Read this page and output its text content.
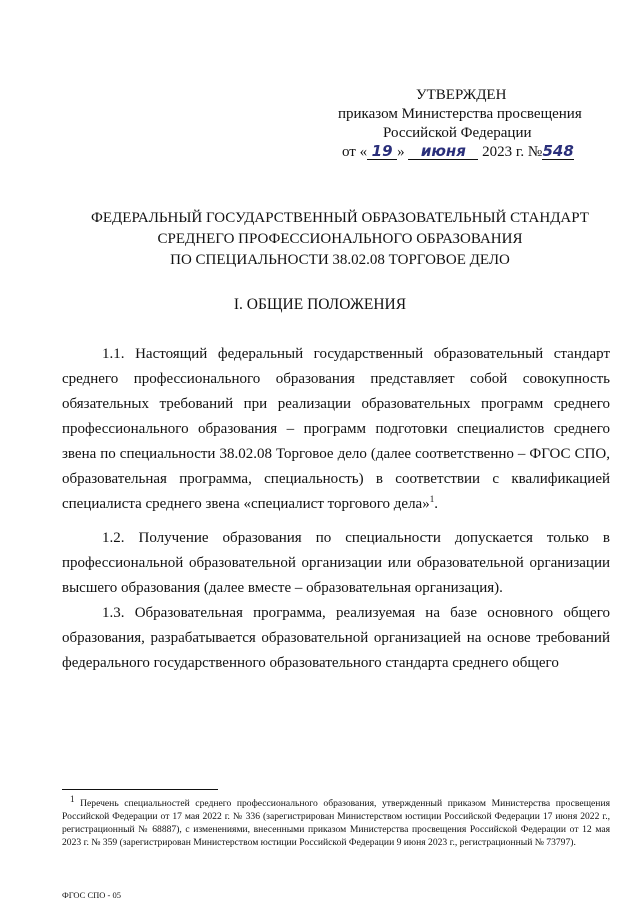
УТВЕРЖДЕН
приказом Министерства просвещения
Российской Федерации
от « 19 » июня 2023 г. №548
ФЕДЕРАЛЬНЫЙ ГОСУДАРСТВЕННЫЙ ОБРАЗОВАТЕЛЬНЫЙ СТАНДАРТ
СРЕДНЕГО ПРОФЕССИОНАЛЬНОГО ОБРАЗОВАНИЯ
ПО СПЕЦИАЛЬНОСТИ 38.02.08 ТОРГОВОЕ ДЕЛО
I. ОБЩИЕ ПОЛОЖЕНИЯ

1.1. Настоящий федеральный государственный образовательный стандарт среднего профессионального образования представляет собой совокупность обязательных требований при реализации образовательных программ среднего профессионального образования – программ подготовки специалистов среднего звена по специальности 38.02.08 Торговое дело (далее соответственно – ФГОС СПО, образовательная программа, специальность) в соответствии с квалификацией специалиста среднего звена «специалист торгового дела»$^1$.

1.2. Получение образования по специальности допускается только в профессиональной образовательной организации или образовательной организации высшего образования (далее вместе – образовательная организация).

1.3. Образовательная программа, реализуемая на базе основного общего образования, разрабатывается образовательной организацией на основе требований федерального государственного образовательного стандарта среднего общего

$^1$ Перечень специальностей среднего профессионального образования, утвержденный приказом Министерства просвещения Российской Федерации от 17 мая 2022 г. № 336 (зарегистрирован Министерством юстиции Российской Федерации 17 июня 2022 г., регистрационный № 68887), с изменениями, внесенными приказом Министерства просвещения Российской Федерации от 12 мая 2023 г. № 359 (зарегистрирован Министерством юстиции Российской Федерации 9 июня 2023 г., регистрационный № 73797).

ФГОС СПО - 05
